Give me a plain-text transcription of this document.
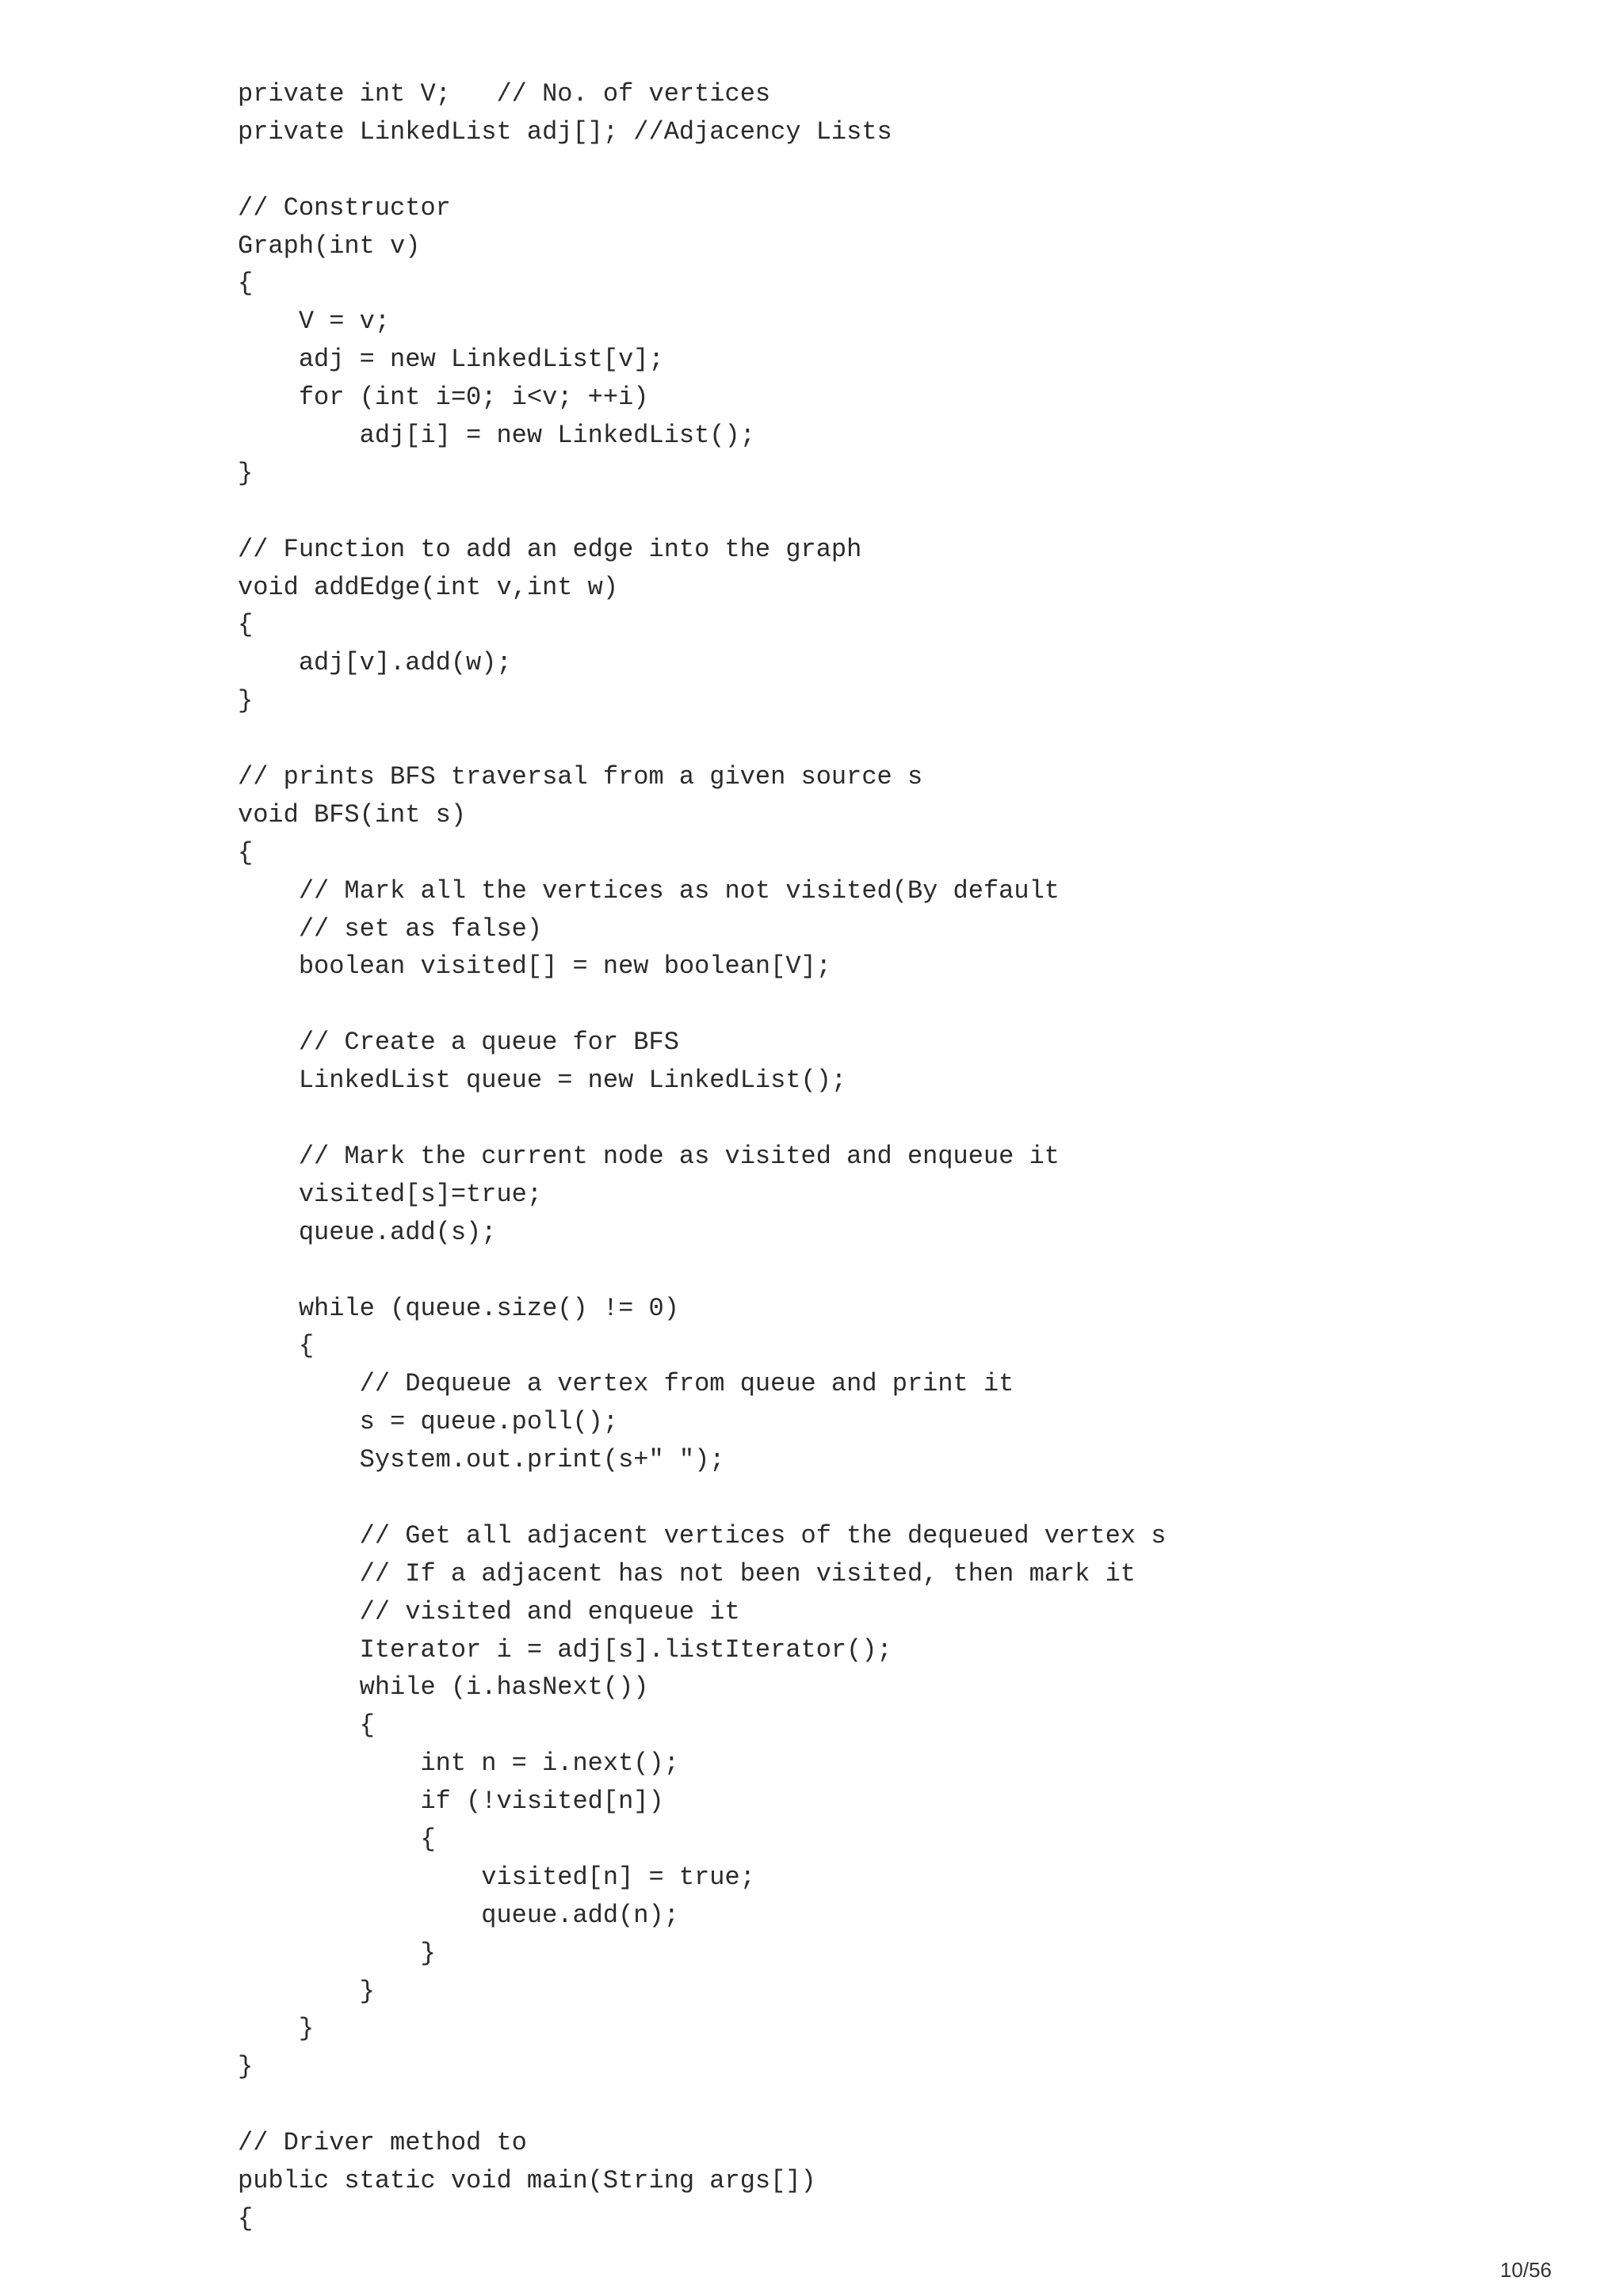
private int V;   // No. of vertices
private LinkedList adj[]; //Adjacency Lists
// Constructor
Graph(int v)
{
V = v;
adj = new LinkedList[v];
for (int i=0; i<v; ++i)
adj[i] = new LinkedList();
}
// Function to add an edge into the graph
void addEdge(int v,int w)
{
adj[v].add(w);
}
// prints BFS traversal from a given source s
void BFS(int s)
{
// Mark all the vertices as not visited(By default
// set as false)
boolean visited[] = new boolean[V];
// Create a queue for BFS
LinkedList queue = new LinkedList();
// Mark the current node as visited and enqueue it
visited[s]=true;
queue.add(s);
while (queue.size() != 0)
{
// Dequeue a vertex from queue and print it
s = queue.poll();
System.out.print(s+" ");
// Get all adjacent vertices of the dequeued vertex s
// If a adjacent has not been visited, then mark it
// visited and enqueue it
Iterator i = adj[s].listIterator();
while (i.hasNext())
{
int n = i.next();
if (!visited[n])
{
visited[n] = true;
queue.add(n);
}
}
}
}
// Driver method to
public static void main(String args[])
{
10/56
